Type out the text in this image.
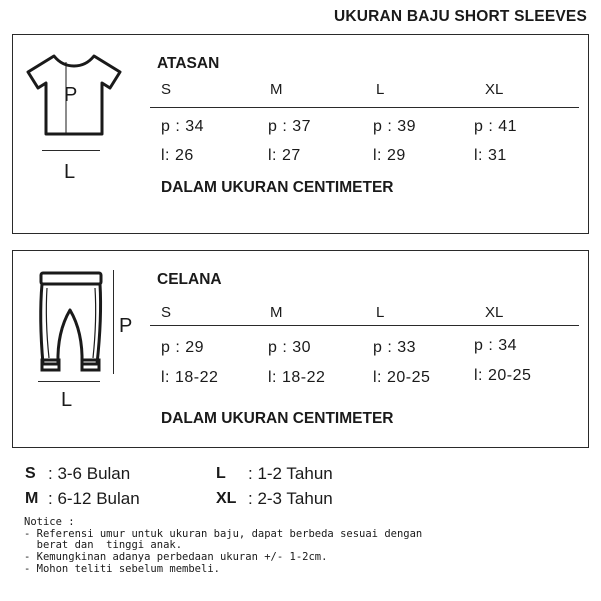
UKURAN BAJU SHORT SLEEVES
P
L
ATASAN
S	M	L	XL
p : 34	p : 37	p : 39	p : 41
l: 26	l: 27	l: 29	l: 31
DALAM UKURAN CENTIMETER
P
L
CELANA
S	M	L	XL
p : 29	p : 30	p : 33	p : 34
l: 18-22	l: 18-22	l: 20-25	l: 20-25
DALAM UKURAN CENTIMETER
S : 3-6 Bulan
M : 6-12 Bulan
L : 1-2 Tahun
XL : 2-3 Tahun
Notice :
- Referensi umur untuk ukuran baju, dapat berbeda sesuai dengan
berat dan  tinggi anak.
- Kemungkinan adanya perbedaan ukuran +/- 1-2cm.
- Mohon teliti sebelum membeli.
